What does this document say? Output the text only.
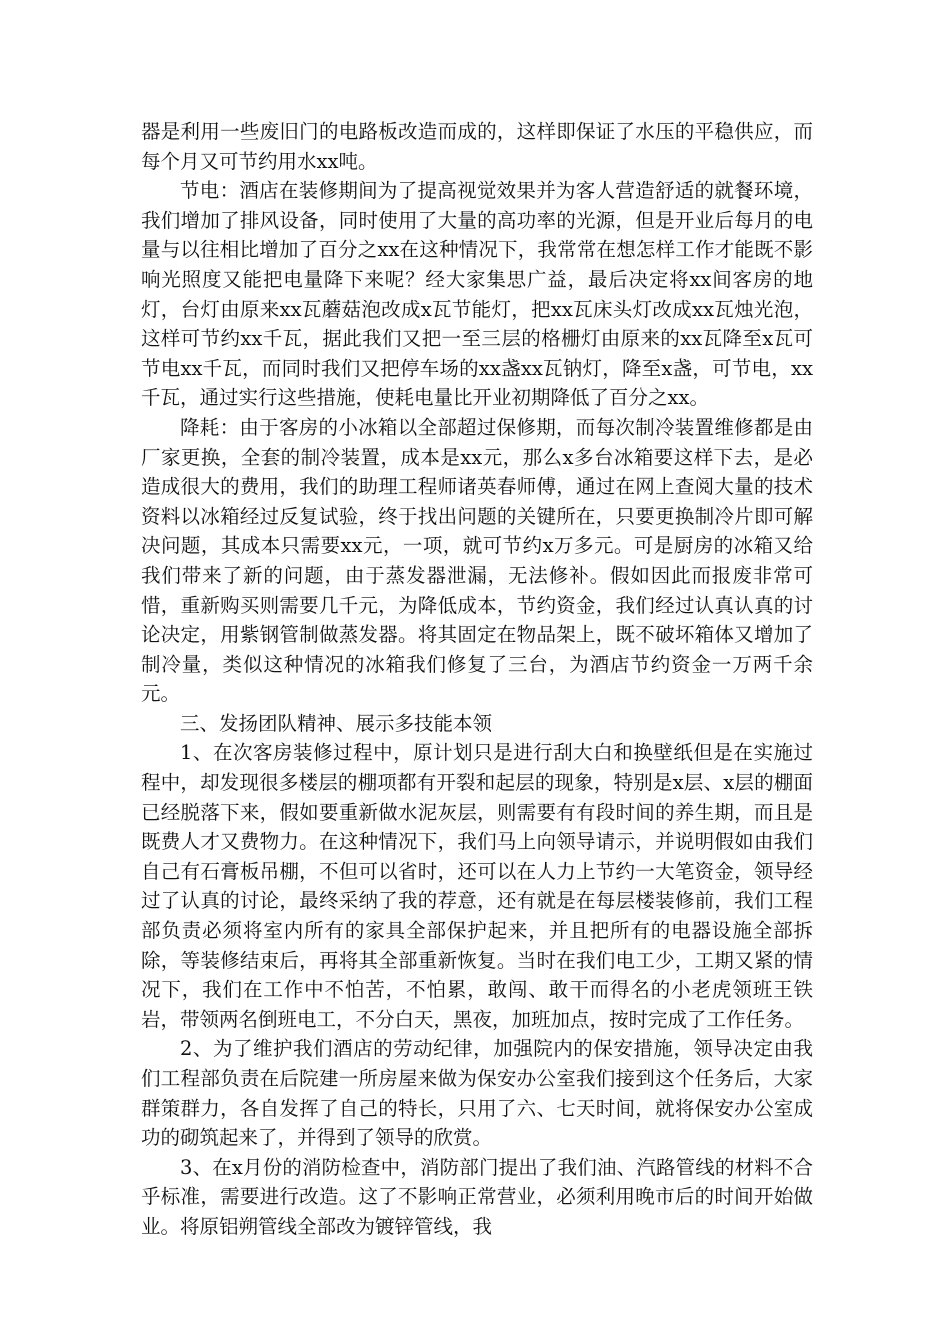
器是利用一些废旧门的电路板改造而成的，这样即保证了水压的平稳供应，而每个月又可节约用水xx吨。

节电：酒店在装修期间为了提高视觉效果并为客人营造舒适的就餐环境，我们增加了排风设备，同时使用了大量的高功率的光源，但是开业后每月的电量与以往相比增加了百分之xx在这种情况下，我常常在想怎样工作才能既不影响光照度又能把电量降下来呢？经大家集思广益，最后决定将xx间客房的地灯，台灯由原来xx瓦蘑菇泡改成x瓦节能灯，把xx瓦床头灯改成xx瓦烛光泡，这样可节约xx千瓦，据此我们又把一至三层的格栅灯由原来的xx瓦降至x瓦可节电xx千瓦，而同时我们又把停车场的xx盏xx瓦钠灯，降至x盏，可节电，xx千瓦，通过实行这些措施，使耗电量比开业初期降低了百分之xx。

降耗：由于客房的小冰箱以全部超过保修期，而每次制冷装置维修都是由厂家更换，全套的制冷装置，成本是xx元，那么x多台冰箱要这样下去，是必造成很大的费用，我们的助理工程师诸英春师傅，通过在网上查阅大量的技术资料以冰箱经过反复试验，终于找出问题的关键所在，只要更换制冷片即可解决问题，其成本只需要xx元，一项，就可节约x万多元。可是厨房的冰箱又给我们带来了新的问题，由于蒸发器泄漏，无法修补。假如因此而报废非常可惜，重新购买则需要几千元，为降低成本，节约资金，我们经过认真认真的讨论决定，用紫钢管制做蒸发器。将其固定在物品架上，既不破坏箱体又增加了制冷量，类似这种情况的冰箱我们修复了三台，为酒店节约资金一万两千余元。

三、发扬团队精神、展示多技能本领

1、在次客房装修过程中，原计划只是进行刮大白和换壁纸但是在实施过程中，却发现很多楼层的棚项都有开裂和起层的现象，特别是x层、x层的棚面已经脱落下来，假如要重新做水泥灰层，则需要有有段时间的养生期，而且是既费人才又费物力。在这种情况下，我们马上向领导请示，并说明假如由我们自己有石膏板吊棚，不但可以省时，还可以在人力上节约一大笔资金，领导经过了认真的讨论，最终采纳了我的荐意，还有就是在每层楼装修前，我们工程部负责必须将室内所有的家具全部保护起来，并且把所有的电器设施全部拆除，等装修结束后，再将其全部重新恢复。当时在我们电工少，工期又紧的情况下，我们在工作中不怕苦，不怕累，敢闯、敢干而得名的小老虎领班王铁岩，带领两名倒班电工，不分白天，黑夜，加班加点，按时完成了工作任务。

2、为了维护我们酒店的劳动纪律，加强院内的保安措施，领导决定由我们工程部负责在后院建一所房屋来做为保安办公室我们接到这个任务后，大家群策群力，各自发挥了自己的特长，只用了六、七天时间，就将保安办公室成功的砌筑起来了，并得到了领导的欣赏。

3、在x月份的消防检查中，消防部门提出了我们油、汽路管线的材料不合乎标准，需要进行改造。这了不影响正常营业，必须利用晚市后的时间开始做业。将原铝朔管线全部改为镀锌管线，我
